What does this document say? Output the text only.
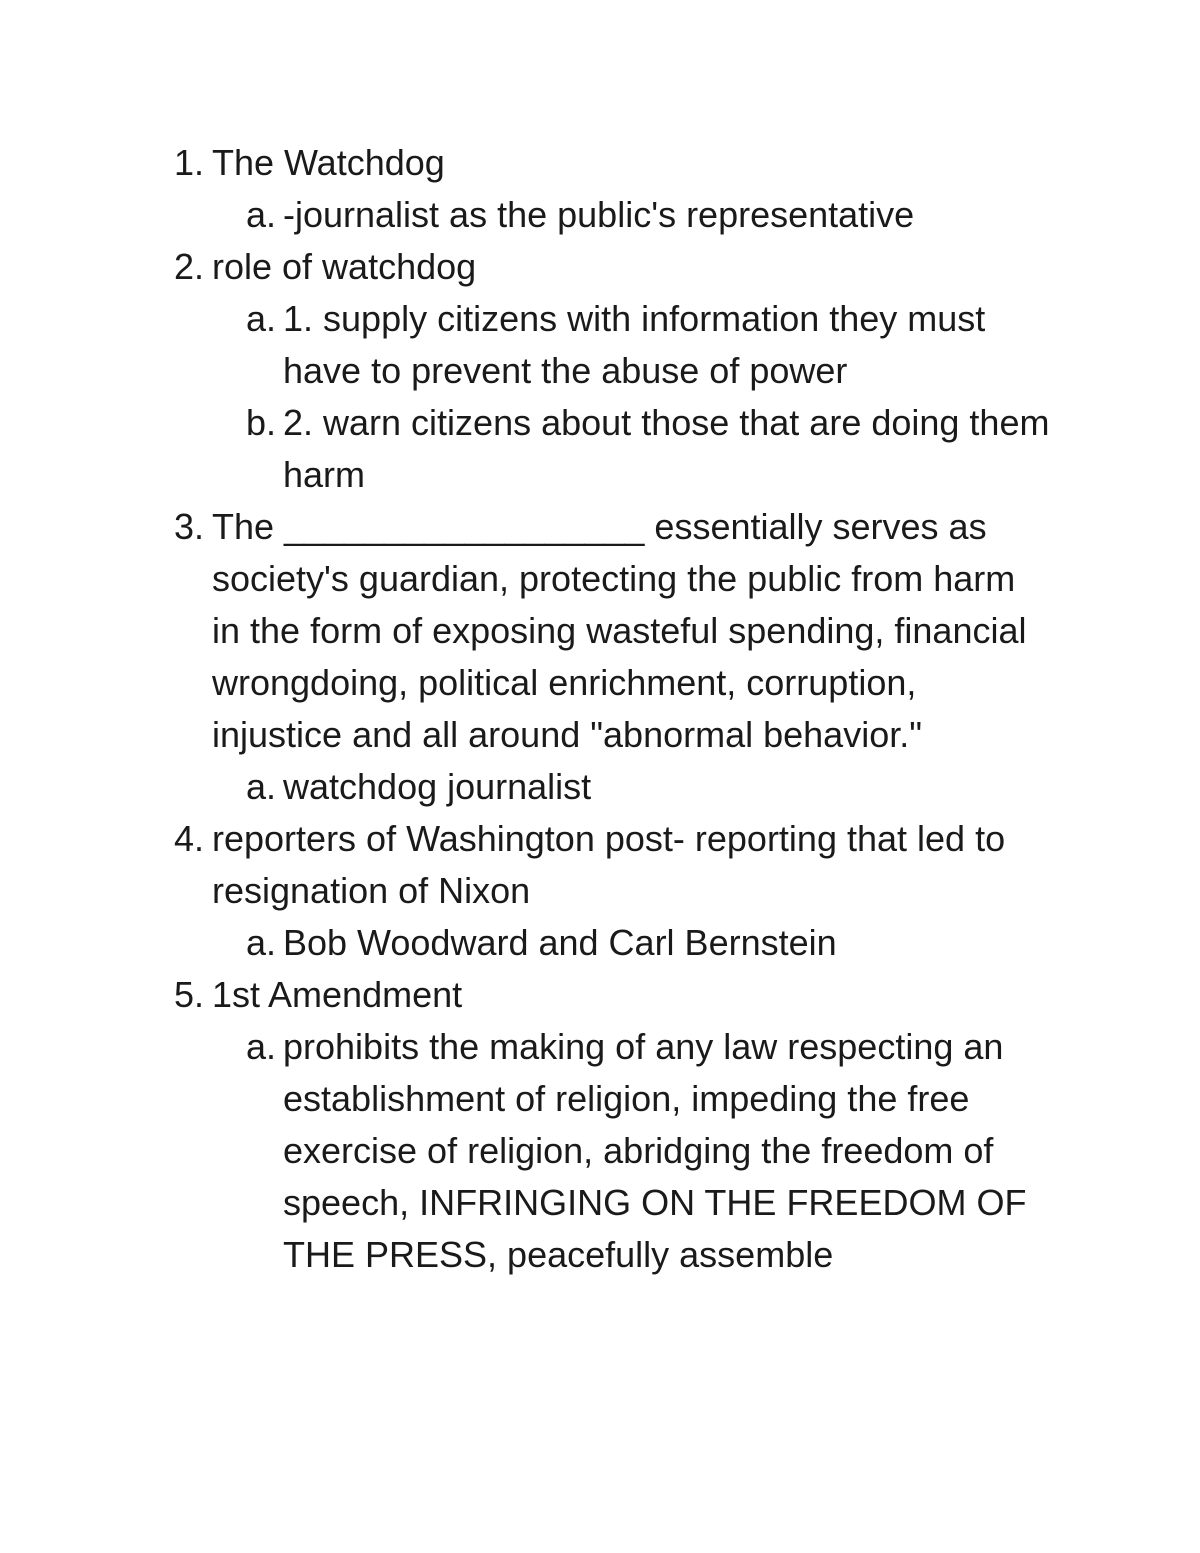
1. The Watchdog
a. -journalist as the public's representative
2. role of watchdog
a. 1. supply citizens with information they must have to prevent the abuse of power
b. 2. warn citizens about those that are doing them harm
3. The __________________ essentially serves as society's guardian, protecting the public from harm in the form of exposing wasteful spending, financial wrongdoing, political enrichment, corruption, injustice and all around "abnormal behavior."
a. watchdog journalist
4. reporters of Washington post- reporting that led to resignation of Nixon
a. Bob Woodward and Carl Bernstein
5. 1st Amendment
a. prohibits the making of any law respecting an establishment of religion, impeding the free exercise of religion, abridging the freedom of speech, INFRINGING ON THE FREEDOM OF THE PRESS, peacefully assemble
